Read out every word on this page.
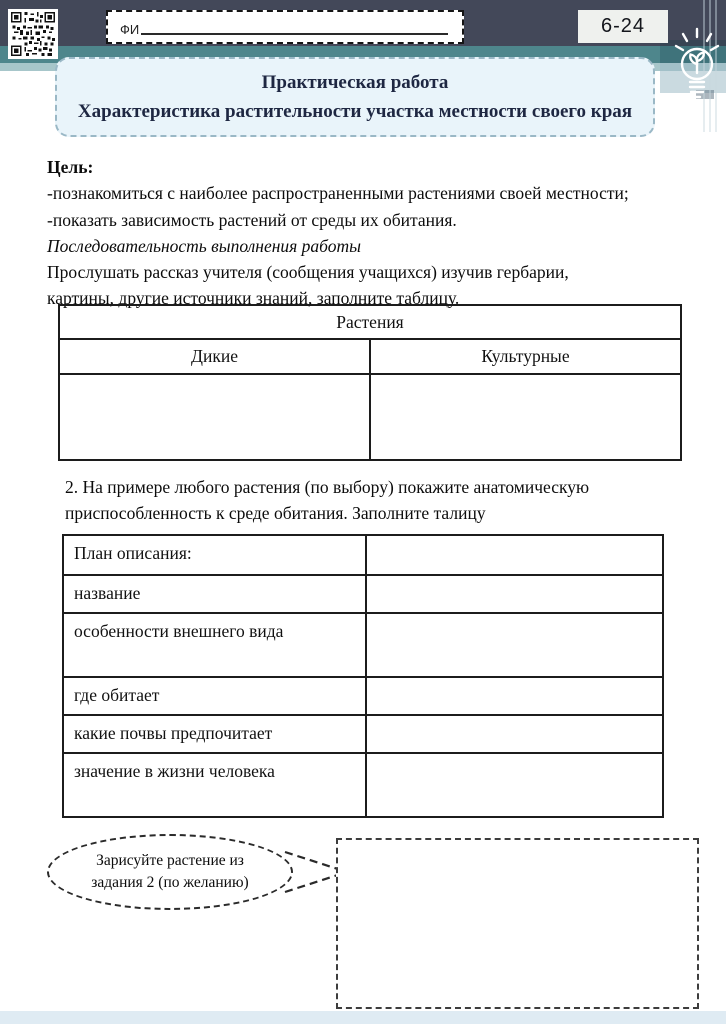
ФИ	6-24
Практическая работа
Характеристика растительности участка местности своего края
Цель:
-познакомиться с наиболее распространенными растениями своей местности;
-показать зависимость растений от среды их обитания.
Последовательность выполнения работы
Прослушать рассказ учителя (сообщения учащихся) изучив гербарии,
картины, другие источники знаний, заполните таблицу.
Растения	
Дикие	Культурные

2. На примере любого растения (по выбору) покажите анатомическую
приспособленность к среде обитания. Заполните талицу
План описания:	
название	
особенности внешнего вида	
где обитает	
какие почвы предпочитает	
значение в жизни человека	
Зарисуйте растение из
задания 2 (по желанию)
